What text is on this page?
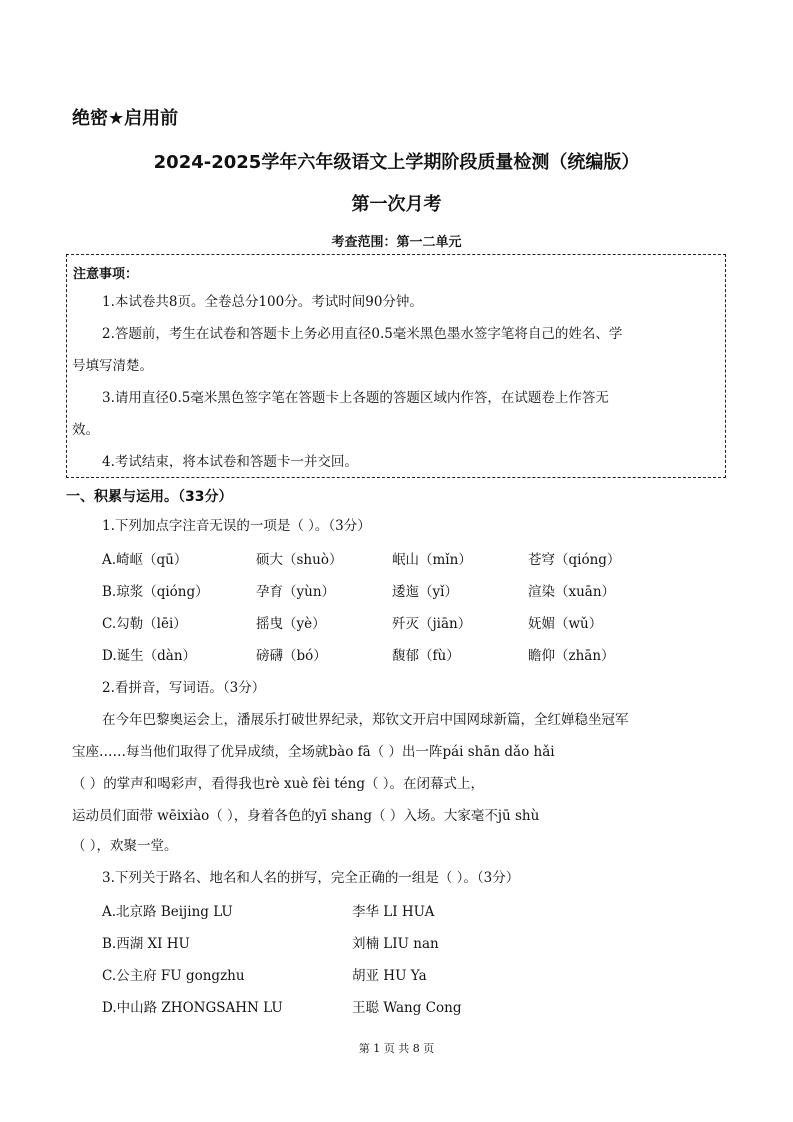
绝密★启用前
2024-2025学年六年级语文上学期阶段质量检测（统编版）
第一次月考
考查范围：第一二单元
注意事项：
1.本试卷共8页。全卷总分100分。考试时间90分钟。
2.答题前，考生在试卷和答题卡上务必用直径0.5毫米黑色墨水签字笔将自己的姓名、学
号填写清楚。
3.请用直径0.5毫米黑色签字笔在答题卡上各题的答题区域内作答，在试题卷上作答无
效。
4.考试结束，将本试卷和答题卡一并交回。
一、积累与运用。（33分）
1.下列加点字注音无误的一项是（ ）。（3分）
A.崎岖（qū）	硕大（shuò）	岷山（mǐn）	苍穹（qióng）
B.琼浆（qióng）	孕育（yùn）	逶迤（yǐ）	渲染（xuān）
C.勾勒（lēi）	摇曳（yè）	歼灭（jiān）	妩媚（wǔ）
D.诞生（dàn）	磅礴（bó）	馥郁（fù）	瞻仰（zhān）
2.看拼音，写词语。（3分）
在今年巴黎奥运会上，潘展乐打破世界纪录，郑钦文开启中国网球新篇，全红婵稳坐冠军
宝座……每当他们取得了优异成绩，全场就bào fā（ ）出一阵pái shān dǎo hǎi
（ ）的掌声和喝彩声，看得我也rè xuè fèi téng（ ）。在闭幕式上，
运动员们面带 wēixiào（ ），身着各色的yī shang（ ）入场。大家毫不jū shù
（ ），欢聚一堂。
3.下列关于路名、地名和人名的拼写，完全正确的一组是（ ）。（3分）
A.北京路 Beijing LU	李华 LI HUA
B.西湖 XI HU	刘楠 LIU nan
C.公主府 FU gongzhu	胡亚 HU Ya
D.中山路 ZHONGSAHN LU	王聪 Wang Cong
第 1 页 共 8 页
